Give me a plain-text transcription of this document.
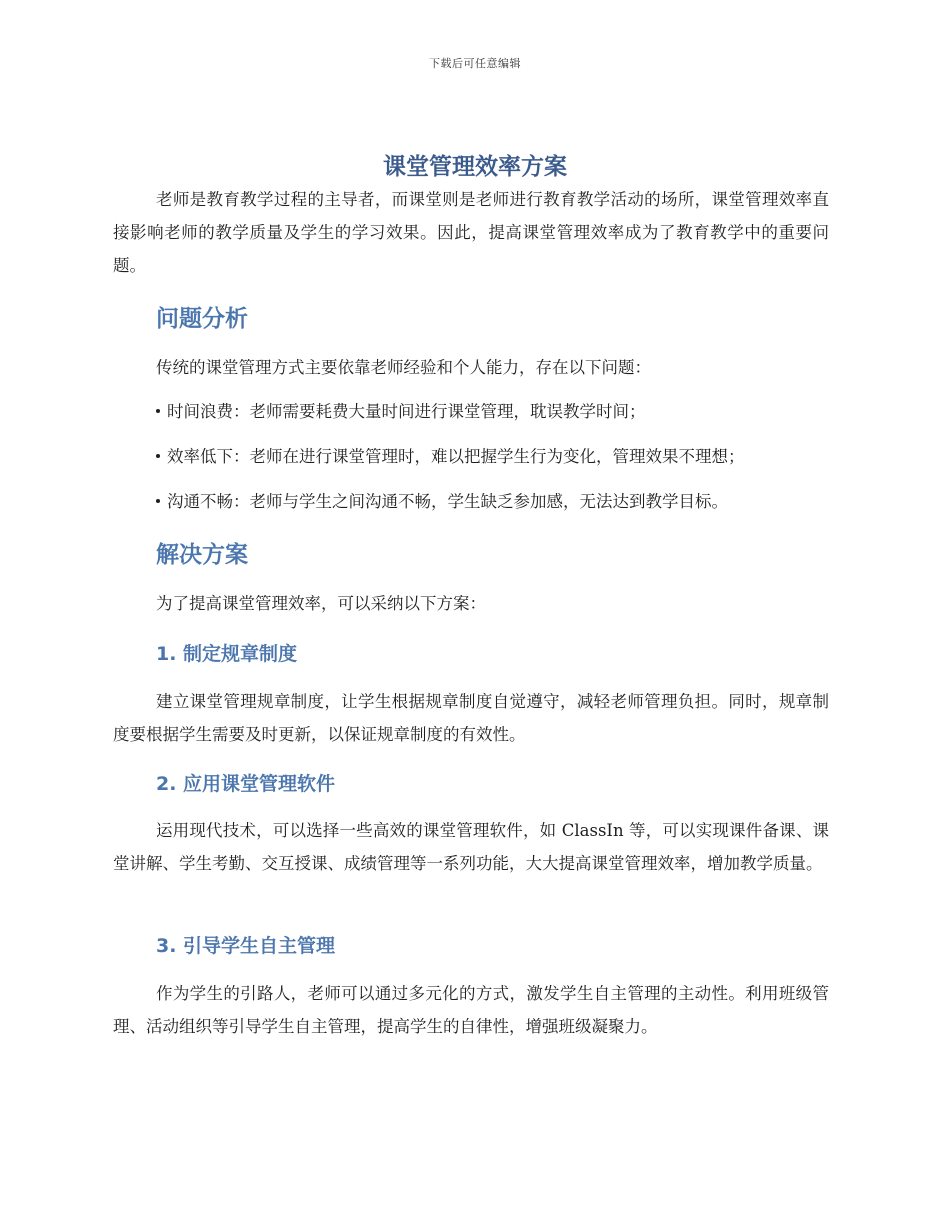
下载后可任意编辑
课堂管理效率方案

老师是教育教学过程的主导者，而课堂则是老师进行教育教学活动的场所，课堂管理效率直接影响老师的教学质量及学生的学习效果。因此，提高课堂管理效率成为了教育教学中的重要问题。

问题分析

传统的课堂管理方式主要依靠老师经验和个人能力，存在以下问题：

时间浪费：老师需要耗费大量时间进行课堂管理，耽误教学时间；

效率低下：老师在进行课堂管理时，难以把握学生行为变化，管理效果不理想；

沟通不畅：老师与学生之间沟通不畅，学生缺乏参加感，无法达到教学目标。

解决方案

为了提高课堂管理效率，可以采纳以下方案：

1. 制定规章制度

建立课堂管理规章制度，让学生根据规章制度自觉遵守，减轻老师管理负担。同时，规章制度要根据学生需要及时更新，以保证规章制度的有效性。

2. 应用课堂管理软件

运用现代技术，可以选择一些高效的课堂管理软件，如 ClassIn 等，可以实现课件备课、课堂讲解、学生考勤、交互授课、成绩管理等一系列功能，大大提高课堂管理效率，增加教学质量。

3. 引导学生自主管理

作为学生的引路人，老师可以通过多元化的方式，激发学生自主管理的主动性。利用班级管理、活动组织等引导学生自主管理，提高学生的自律性，增强班级凝聚力。
